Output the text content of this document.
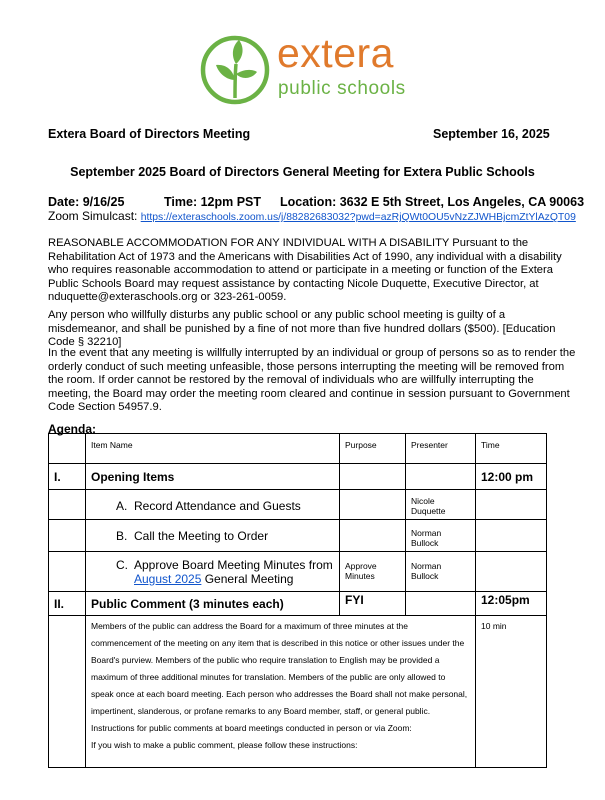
extera
public schools
Extera Board of Directors Meeting	September 16, 2025
September 2025 Board of Directors General Meeting for Extera Public Schools
Date: 9/16/25	Time: 12pm PST Location: 3632 E 5th Street, Los Angeles, CA 90063
Zoom Simulcast: https://exteraschools.zoom.us/j/88282683032?pwd=azRjQWt0OU5vNzZJWHBjcmZtYlAzQT09
REASONABLE ACCOMMODATION FOR ANY INDIVIDUAL WITH A DISABILITY Pursuant to the Rehabilitation Act of 1973 and the Americans with Disabilities Act of 1990, any individual with a disability who requires reasonable accommodation to attend or participate in a meeting or function of the Extera Public Schools Board may request assistance by contacting Nicole Duquette, Executive Director, at nduquette@exteraschools.org or 323-261-0059.
Any person who willfully disturbs any public school or any public school meeting is guilty of a misdemeanor, and shall be punished by a fine of not more than five hundred dollars ($500). [Education Code § 32210]
In the event that any meeting is willfully interrupted by an individual or group of persons so as to render the orderly conduct of such meeting unfeasible, those persons interrupting the meeting will be removed from the room. If order cannot be restored by the removal of individuals who are willfully interrupting the meeting, the Board may order the meeting room cleared and continue in session pursuant to Government Code Section 54957.9.
Agenda:
	Item Name	Purpose	Presenter	Time
I.	Opening Items			12:00 pm
	A. Record Attendance and Guests		Nicole Duquette	
	B. Call the Meeting to Order		Norman Bullock	
	C. Approve Board Meeting Minutes from
August 2025 General Meeting	Approve Minutes	Norman Bullock	
II.	Public Comment (3 minutes each)	FYI		12:05pm

	Members of the public can address the Board for a maximum of three minutes at the commencement of the meeting on any item that is described in this notice or other issues under the Board's purview. Members of the public who require translation to English may be provided a maximum of three additional minutes for translation. Members of the public are only allowed to speak once at each board meeting. Each person who addresses the Board shall not make personal, impertinent, slanderous, or profane remarks to any Board member, staff, or general public.
Instructions for public comments at board meetings conducted in person or via Zoom:
If you wish to make a public comment, please follow these instructions:			10 min
